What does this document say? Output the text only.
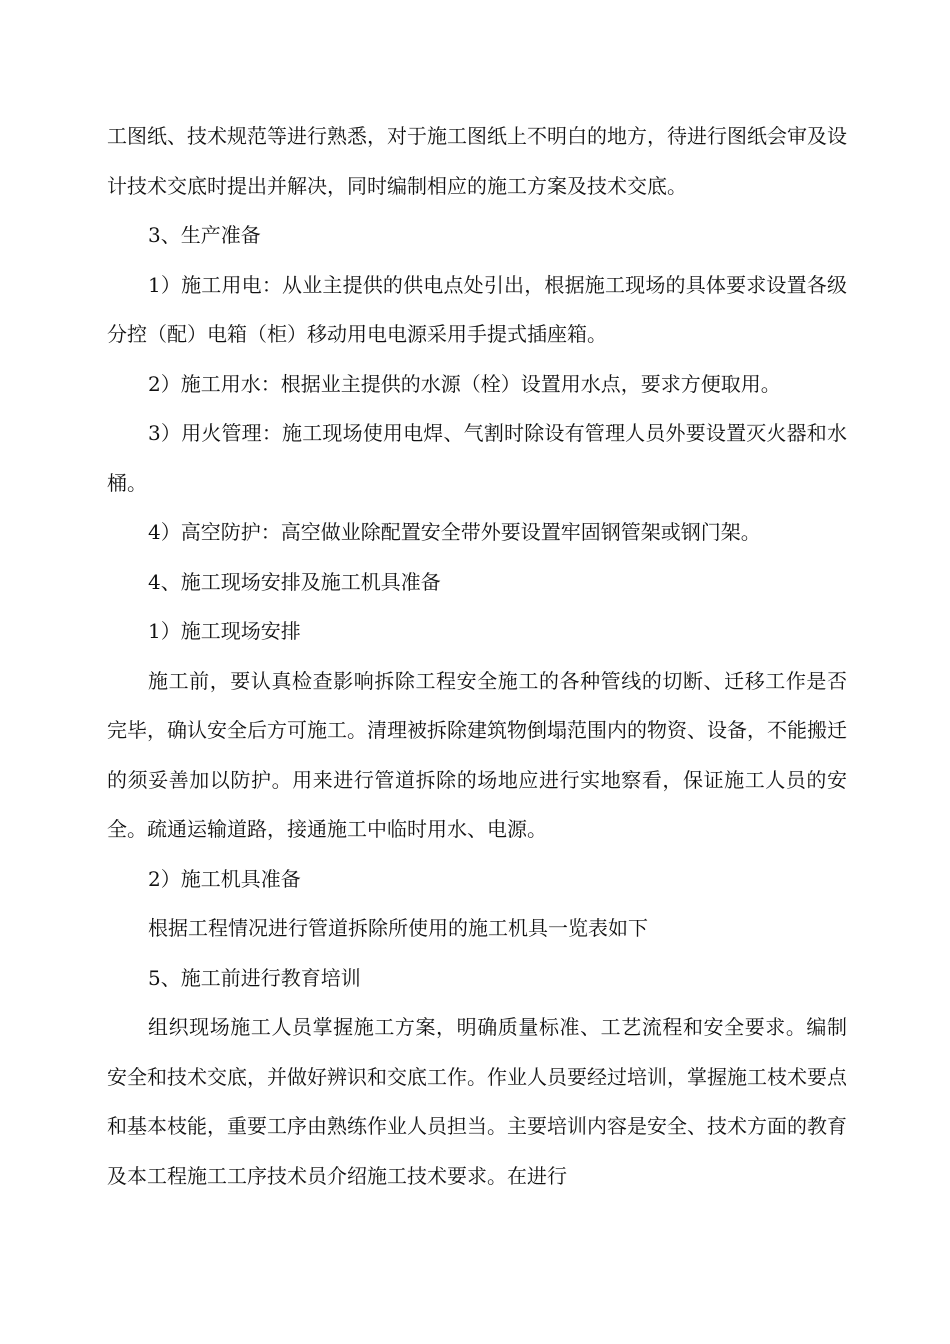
工图纸、技术规范等进行熟悉，对于施工图纸上不明白的地方，待进行图纸会审及设计技术交底时提出并解决，同时编制相应的施工方案及技术交底。

3、生产准备

1）施工用电：从业主提供的供电点处引出，根据施工现场的具体要求设置各级分控（配）电箱（柜）移动用电电源采用手提式插座箱。

2）施工用水：根据业主提供的水源（栓）设置用水点，要求方便取用。

3）用火管理：施工现场使用电焊、气割时除设有管理人员外要设置灭火器和水桶。

4）高空防护：高空做业除配置安全带外要设置牢固钢管架或钢门架。

4、施工现场安排及施工机具准备

1）施工现场安排

施工前，要认真检查影响拆除工程安全施工的各种管线的切断、迁移工作是否完毕，确认安全后方可施工。清理被拆除建筑物倒塌范围内的物资、设备，不能搬迁的须妥善加以防护。用来进行管道拆除的场地应进行实地察看，保证施工人员的安全。疏通运输道路，接通施工中临时用水、电源。

2）施工机具准备

根据工程情况进行管道拆除所使用的施工机具一览表如下

5、施工前进行教育培训

组织现场施工人员掌握施工方案，明确质量标准、工艺流程和安全要求。编制安全和技术交底，并做好辨识和交底工作。作业人员要经过培训，掌握施工枝术要点和基本枝能，重要工序由熟练作业人员担当。主要培训内容是安全、技术方面的教育及本工程施工工序技术员介绍施工技术要求。在进行
